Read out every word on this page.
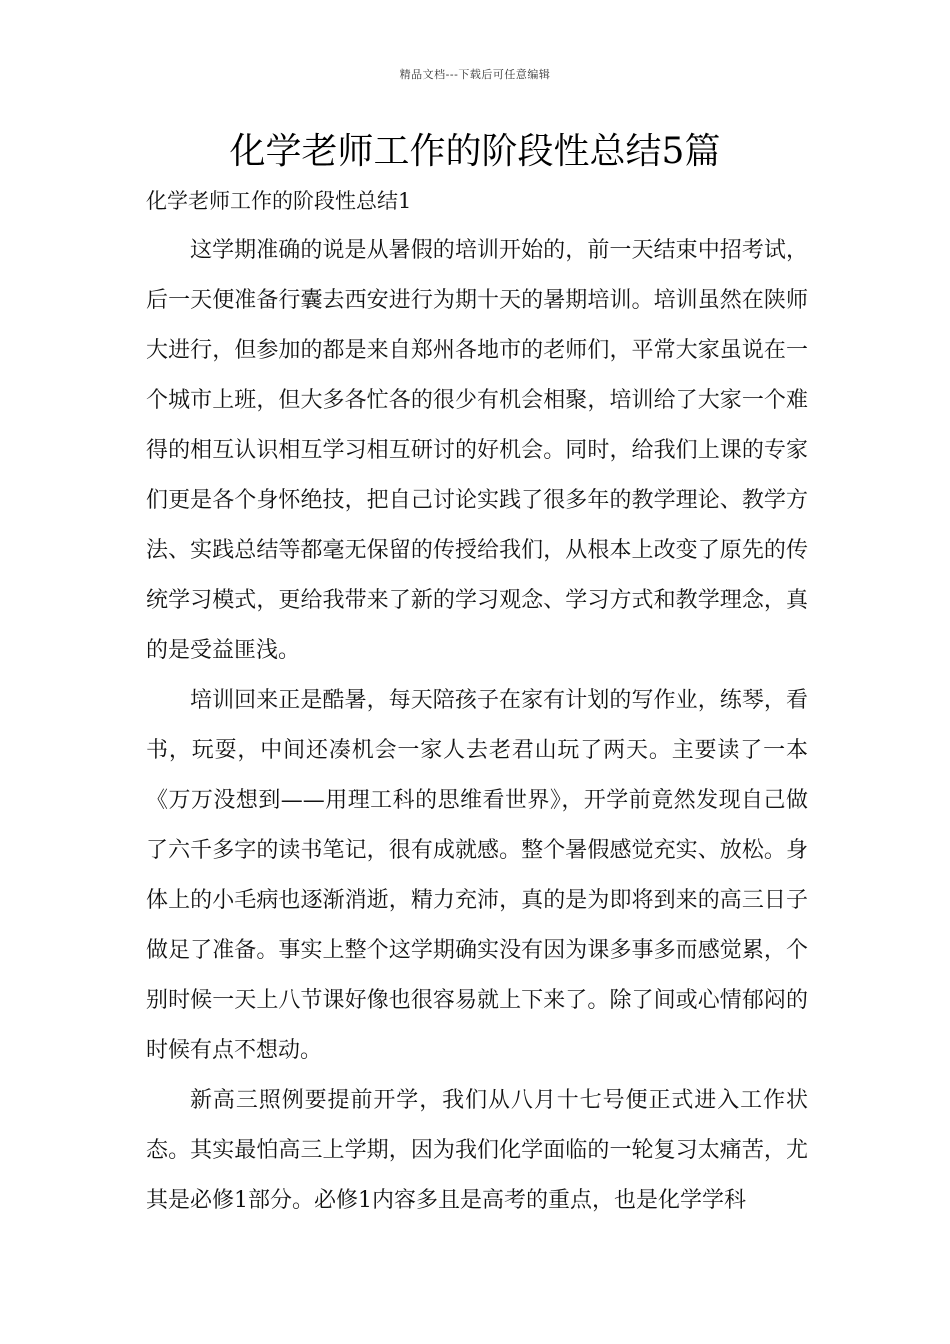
精品文档---下载后可任意编辑
化学老师工作的阶段性总结5篇
化学老师工作的阶段性总结1

这学期准确的说是从暑假的培训开始的，前一天结束中招考试，后一天便准备行囊去西安进行为期十天的暑期培训。培训虽然在陕师大进行，但参加的都是来自郑州各地市的老师们，平常大家虽说在一个城市上班，但大多各忙各的很少有机会相聚，培训给了大家一个难得的相互认识相互学习相互研讨的好机会。同时，给我们上课的专家们更是各个身怀绝技，把自己讨论实践了很多年的教学理论、教学方法、实践总结等都毫无保留的传授给我们，从根本上改变了原先的传统学习模式，更给我带来了新的学习观念、学习方式和教学理念，真的是受益匪浅。

培训回来正是酷暑，每天陪孩子在家有计划的写作业，练琴，看书，玩耍，中间还凑机会一家人去老君山玩了两天。主要读了一本《万万没想到——用理工科的思维看世界》，开学前竟然发现自己做了六千多字的读书笔记，很有成就感。整个暑假感觉充实、放松。身体上的小毛病也逐渐消逝，精力充沛，真的是为即将到来的高三日子做足了准备。事实上整个这学期确实没有因为课多事多而感觉累，个别时候一天上八节课好像也很容易就上下来了。除了间或心情郁闷的时候有点不想动。

新高三照例要提前开学，我们从八月十七号便正式进入工作状态。其实最怕高三上学期，因为我们化学面临的一轮复习太痛苦，尤其是必修1部分。必修1内容多且是高考的重点，也是化学学科
